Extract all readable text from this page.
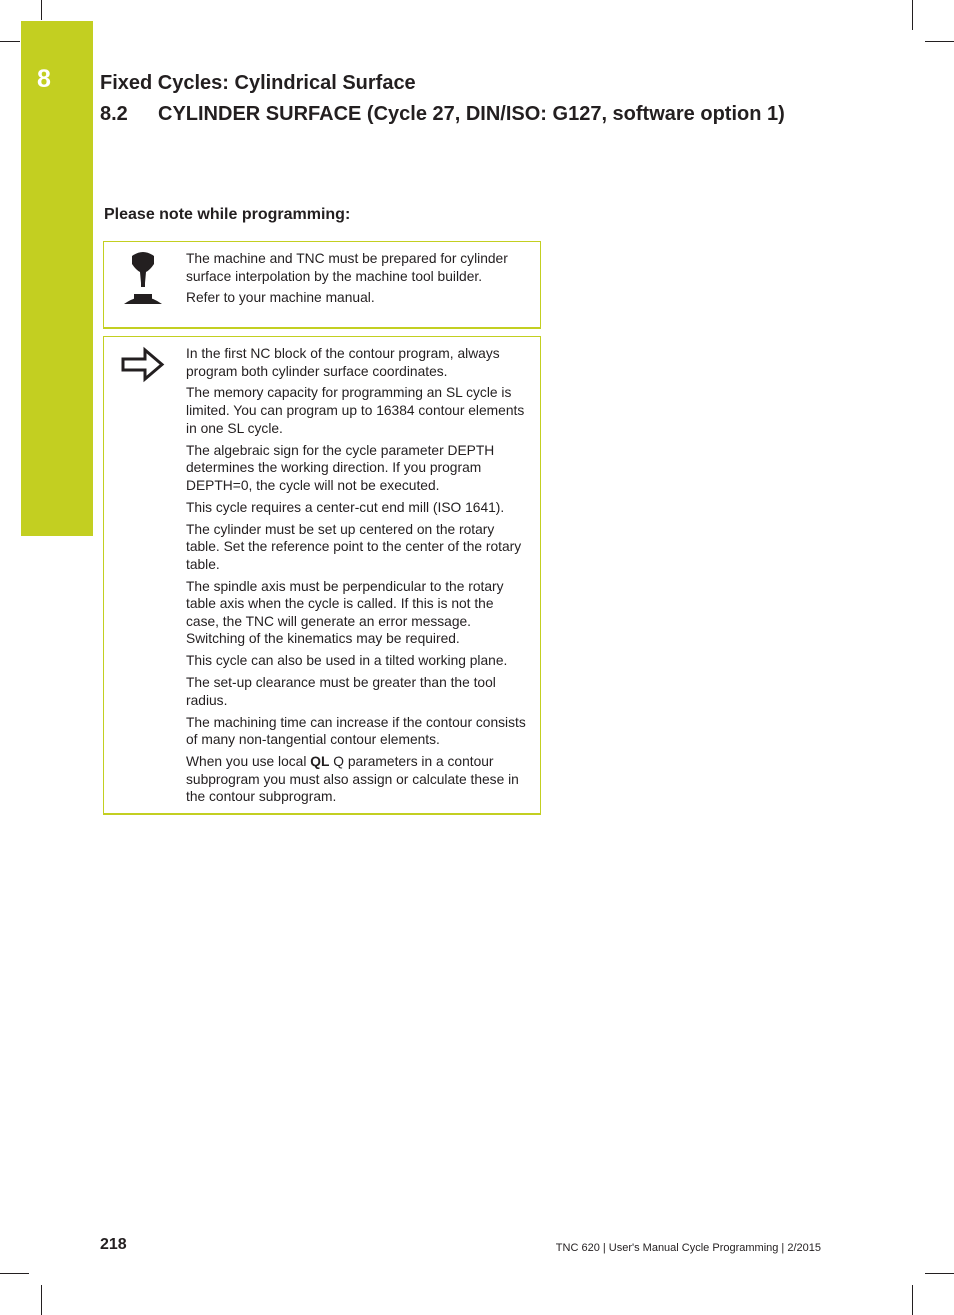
8	Fixed Cycles: Cylindrical Surface
8.2 CYLINDER SURFACE (Cycle 27, DIN/ISO: G127, software option 1)
Please note while programming:

The machine and TNC must be prepared for cylinder surface interpolation by the machine tool builder.

Refer to your machine manual.

In the first NC block of the contour program, always program both cylinder surface coordinates.

The memory capacity for programming an SL cycle is limited. You can program up to 16384 contour elements in one SL cycle.

The algebraic sign for the cycle parameter DEPTH determines the working direction. If you program DEPTH=0, the cycle will not be executed.

This cycle requires a center-cut end mill (ISO 1641).

The cylinder must be set up centered on the rotary table. Set the reference point to the center of the rotary table.

The spindle axis must be perpendicular to the rotary table axis when the cycle is called. If this is not the case, the TNC will generate an error message. Switching of the kinematics may be required.

This cycle can also be used in a tilted working plane.

The set-up clearance must be greater than the tool radius.

The machining time can increase if the contour consists of many non-tangential contour elements.

When you use local QL Q parameters in a contour subprogram you must also assign or calculate these in the contour subprogram.

218	TNC 620 | User's Manual Cycle Programming | 2/2015
